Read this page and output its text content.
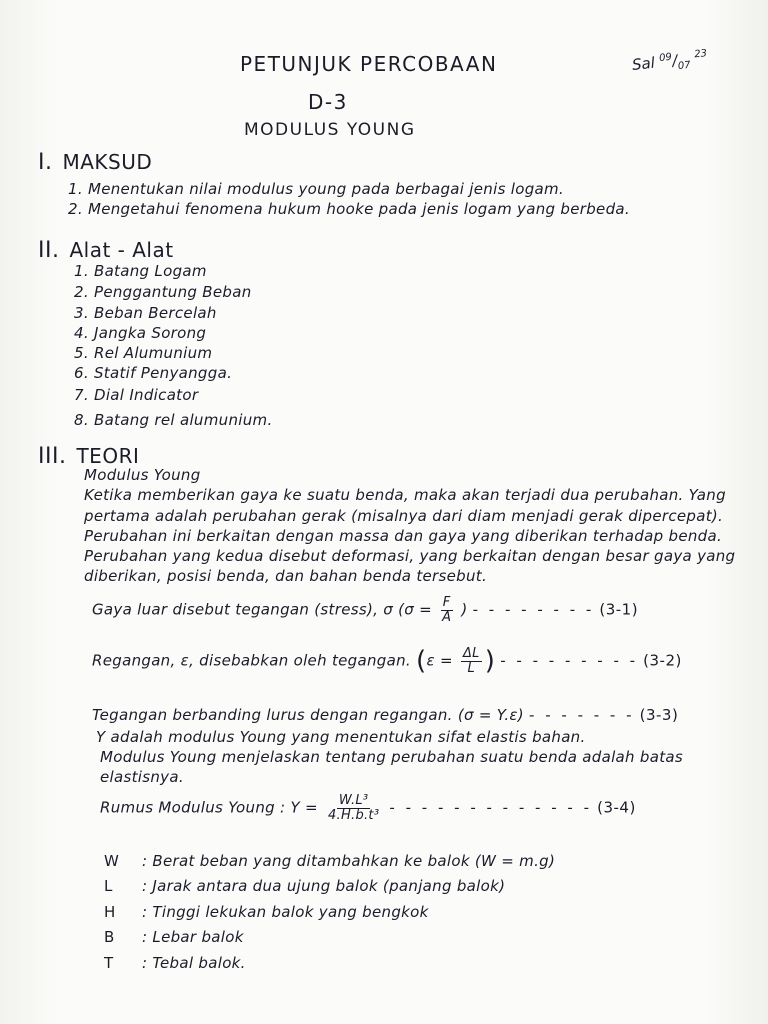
PETUNJUK PERCOBAAN
D-3
MODULUS YOUNG
Sal $^{09}/_{07}$ $^{23}$
I. MAKSUD
1. Menentukan nilai modulus young pada berbagai jenis logam.
2. Mengetahui fenomena hukum hooke pada jenis logam yang berbeda.
II. Alat - Alat
1. Batang Logam
2. Penggantung Beban
3. Beban Bercelah
4. Jangka Sorong
5. Rel Alumunium
6. Statif Penyangga.
7. Dial Indicator
8. Batang rel alumunium.
III. TEORI
Modulus Young
Ketika memberikan gaya ke suatu benda, maka akan terjadi dua perubahan. Yang
pertama adalah perubahan gerak (misalnya dari diam menjadi gerak dipercepat).
Perubahan ini berkaitan dengan massa dan gaya yang diberikan terhadap benda.
Perubahan yang kedua disebut deformasi, yang berkaitan dengan besar gaya yang
diberikan, posisi benda, dan bahan benda tersebut.
Gaya luar disebut tegangan (stress), σ ($\sigma = \frac{F}{A}$ ) - - - - - - - - (3-1)
Regangan, ε, disebabkan oleh tegangan. ($\varepsilon = \frac{\Delta L}{L}$ ) - - - - - - - - - (3-2)
Tegangan berbanding lurus dengan regangan. (σ = Y.ε) - - - - - - - (3-3)
Y adalah modulus Young yang menentukan sifat elastis bahan.
Modulus Young menjelaskan tentang perubahan suatu benda adalah batas
elastisnya.
Rumus Modulus Young : $Y = \frac{\text{W.L³}}{\text{4.H.b.t³}}$ - - - - - - - - - - - - - (3-4)
W : Berat beban yang ditambahkan ke balok (W = m.g)
L : Jarak antara dua ujung balok (panjang balok)
H : Tinggi lekukan balok yang bengkok
B : Lebar balok
T : Tebal balok.
